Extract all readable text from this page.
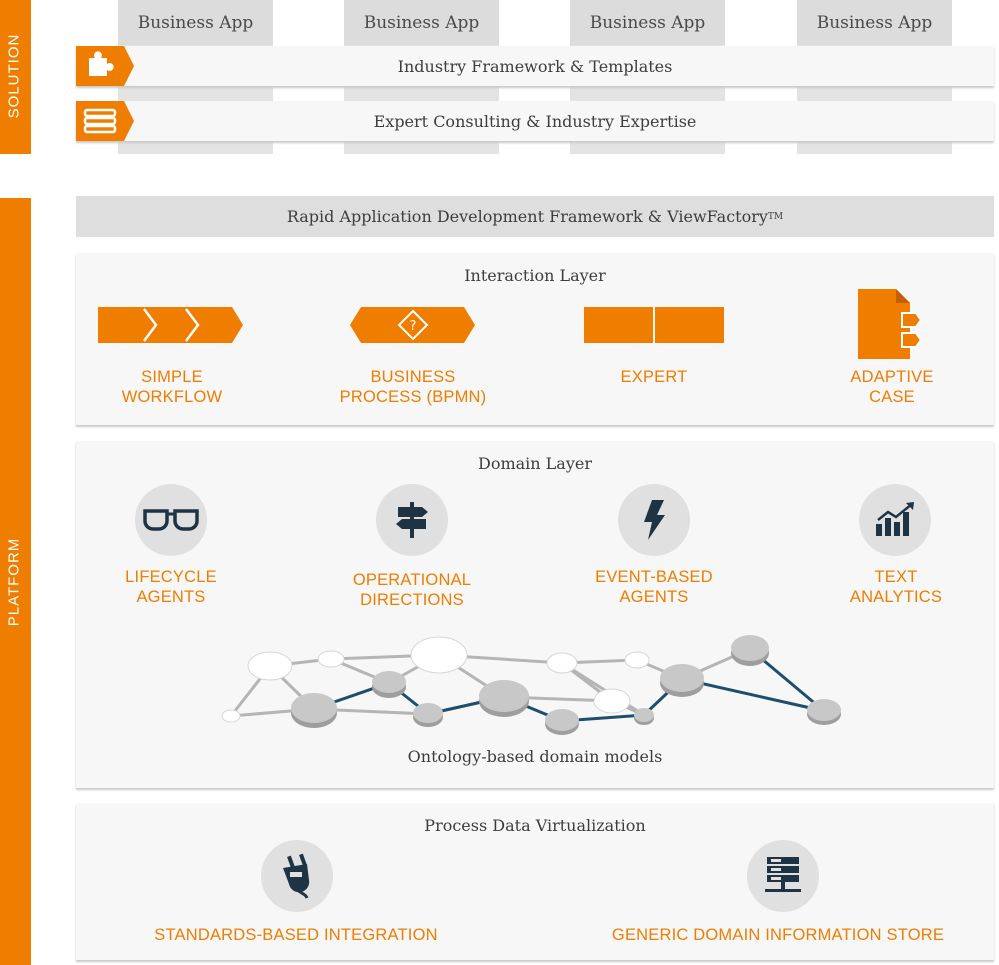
SOLUTION
PLATFORM
Business App	Business App	Business App	Business App
Industry Framework & Templates
Expert Consulting & Industry Expertise
Rapid Application Development Framework & ViewFactory TM
Interaction Layer
?
SIMPLE
WORKFLOW
BUSINESS
PROCESS (BPMN)
EXPERT	ADAPTIVE
CASE
Domain Layer
LIFECYCLE
AGENTS
OPERATIONAL
DIRECTIONS
EVENT-BASED
AGENTS
TEXT
ANALYTICS
Ontology-based domain models
Process Data Virtualization
STANDARDS-BASED INTEGRATION	GENERIC DOMAIN INFORMATION STORE
